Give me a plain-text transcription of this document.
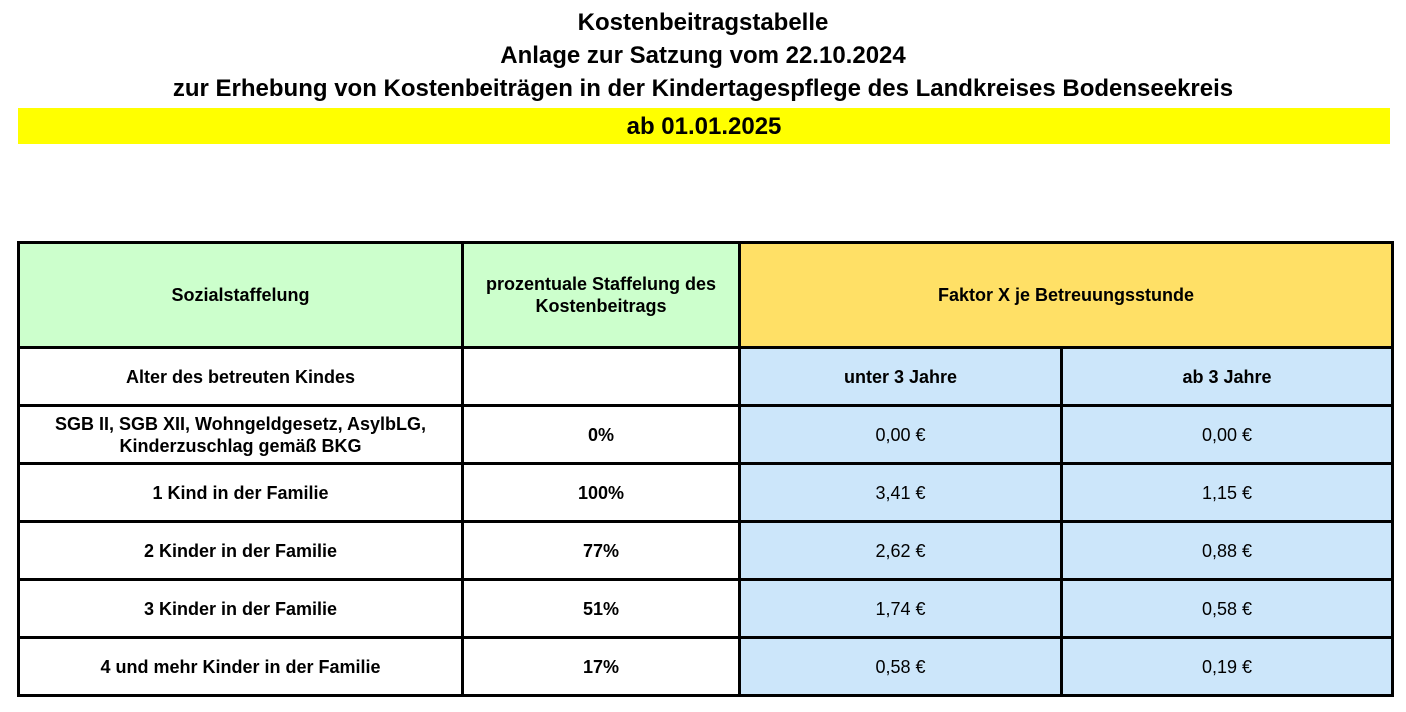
Kostenbeitragstabelle
Anlage zur Satzung vom 22.10.2024
zur Erhebung von Kostenbeiträgen in der Kindertagespflege des Landkreises Bodenseekreis
ab 01.01.2025
Sozialstaffelung	prozentuale Staffelung des Kostenbeitrags	Faktor X je Betreuungsstunde	
Alter des betreuten Kindes		unter 3 Jahre	ab 3 Jahre
SGB II, SGB XII, Wohngeldgesetz, AsylbLG, Kinderzuschlag gemäß BKG	0%	0,00 €	0,00 €
1 Kind in der Familie	100%	3,41 €	1,15 €
2 Kinder in der Familie	77%	2,62 €	0,88 €
3 Kinder in der Familie	51%	1,74 €	0,58 €
4 und mehr Kinder in der Familie	17%	0,58 €	0,19 €
